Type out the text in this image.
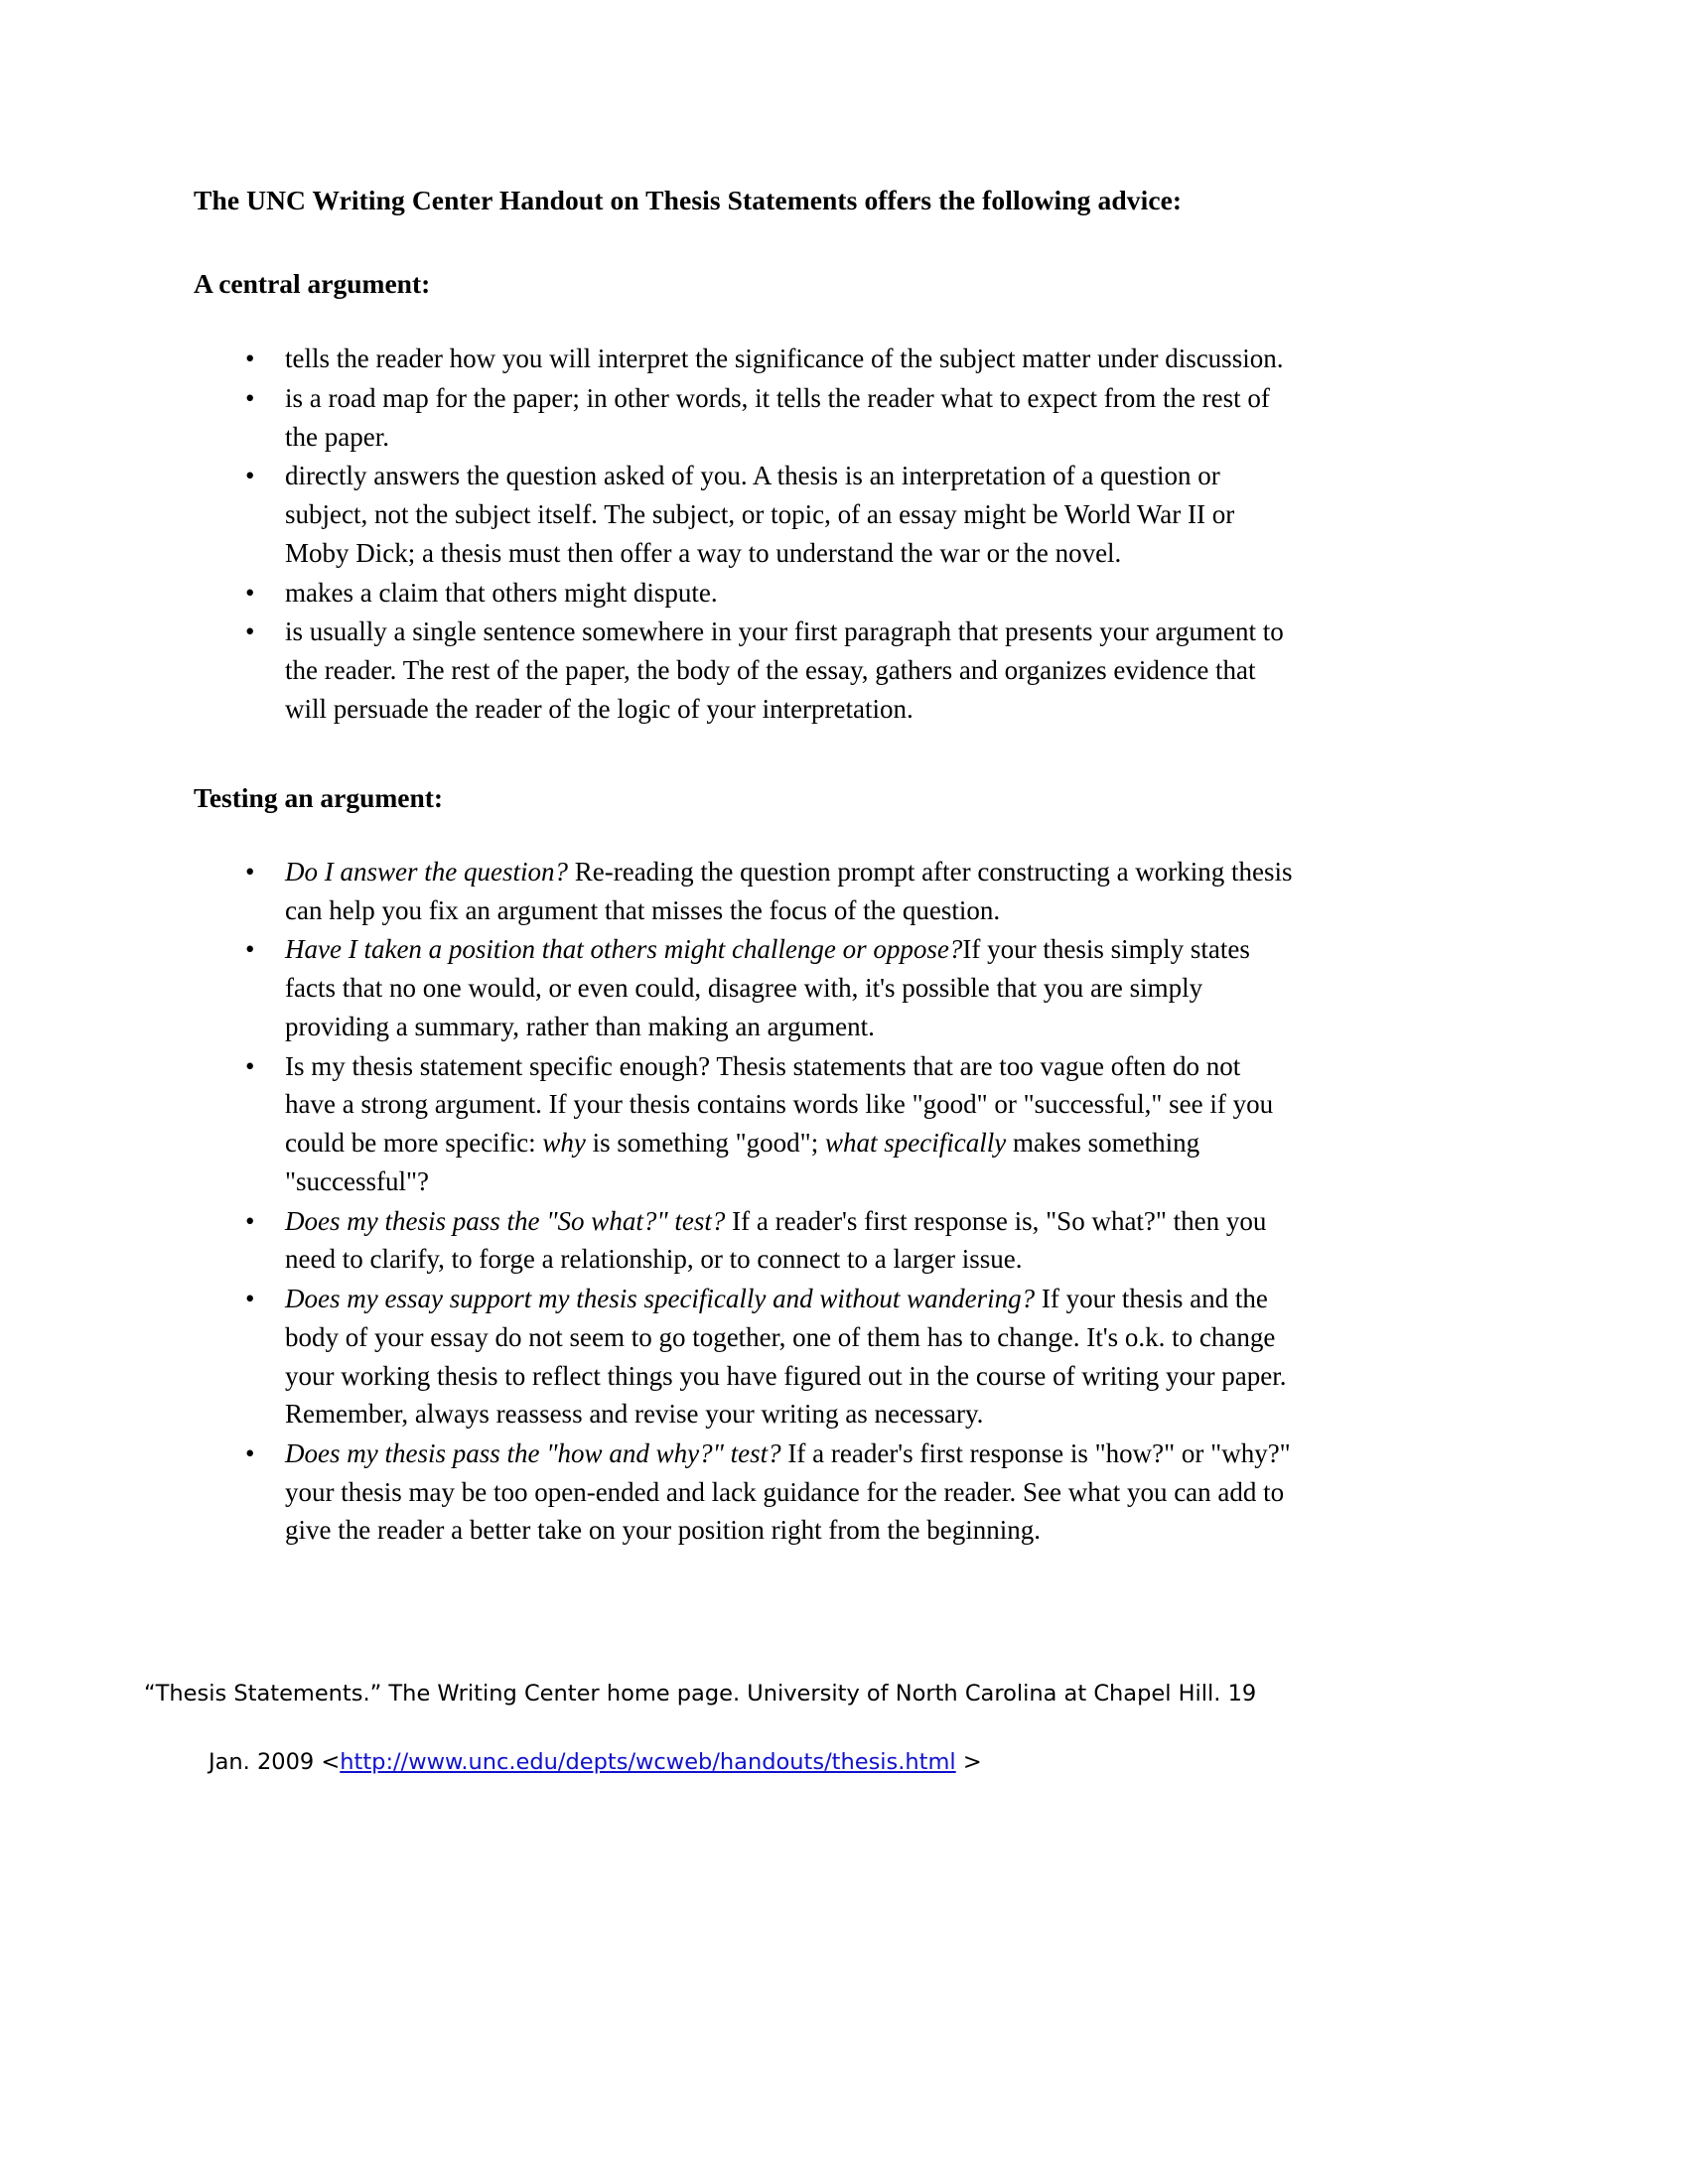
The UNC Writing Center Handout on Thesis Statements offers the following advice:
A central argument:
• tells the reader how you will interpret the significance of the subject matter under discussion.
• is a road map for the paper; in other words, it tells the reader what to expect from the rest of the paper.
• directly answers the question asked of you. A thesis is an interpretation of a question or subject, not the subject itself. The subject, or topic, of an essay might be World War II or Moby Dick; a thesis must then offer a way to understand the war or the novel.
• makes a claim that others might dispute.
• is usually a single sentence somewhere in your first paragraph that presents your argument to the reader. The rest of the paper, the body of the essay, gathers and organizes evidence that will persuade the reader of the logic of your interpretation.
Testing an argument:
• Do I answer the question? Re-reading the question prompt after constructing a working thesis can help you fix an argument that misses the focus of the question.
• Have I taken a position that others might challenge or oppose?If your thesis simply states facts that no one would, or even could, disagree with, it's possible that you are simply providing a summary, rather than making an argument.
• Is my thesis statement specific enough? Thesis statements that are too vague often do not have a strong argument. If your thesis contains words like "good" or "successful," see if you could be more specific: why is something "good"; what specifically makes something "successful"?
• Does my thesis pass the "So what?" test? If a reader's first response is, "So what?" then you need to clarify, to forge a relationship, or to connect to a larger issue.
• Does my essay support my thesis specifically and without wandering? If your thesis and the body of your essay do not seem to go together, one of them has to change. It's o.k. to change your working thesis to reflect things you have figured out in the course of writing your paper. Remember, always reassess and revise your writing as necessary.
• Does my thesis pass the "how and why?" test? If a reader's first response is "how?" or "why?" your thesis may be too open-ended and lack guidance for the reader. See what you can add to give the reader a better take on your position right from the beginning.
“Thesis Statements.” The Writing Center home page. University of North Carolina at Chapel Hill. 19
Jan. 2009 <http://www.unc.edu/depts/wcweb/handouts/thesis.html >
